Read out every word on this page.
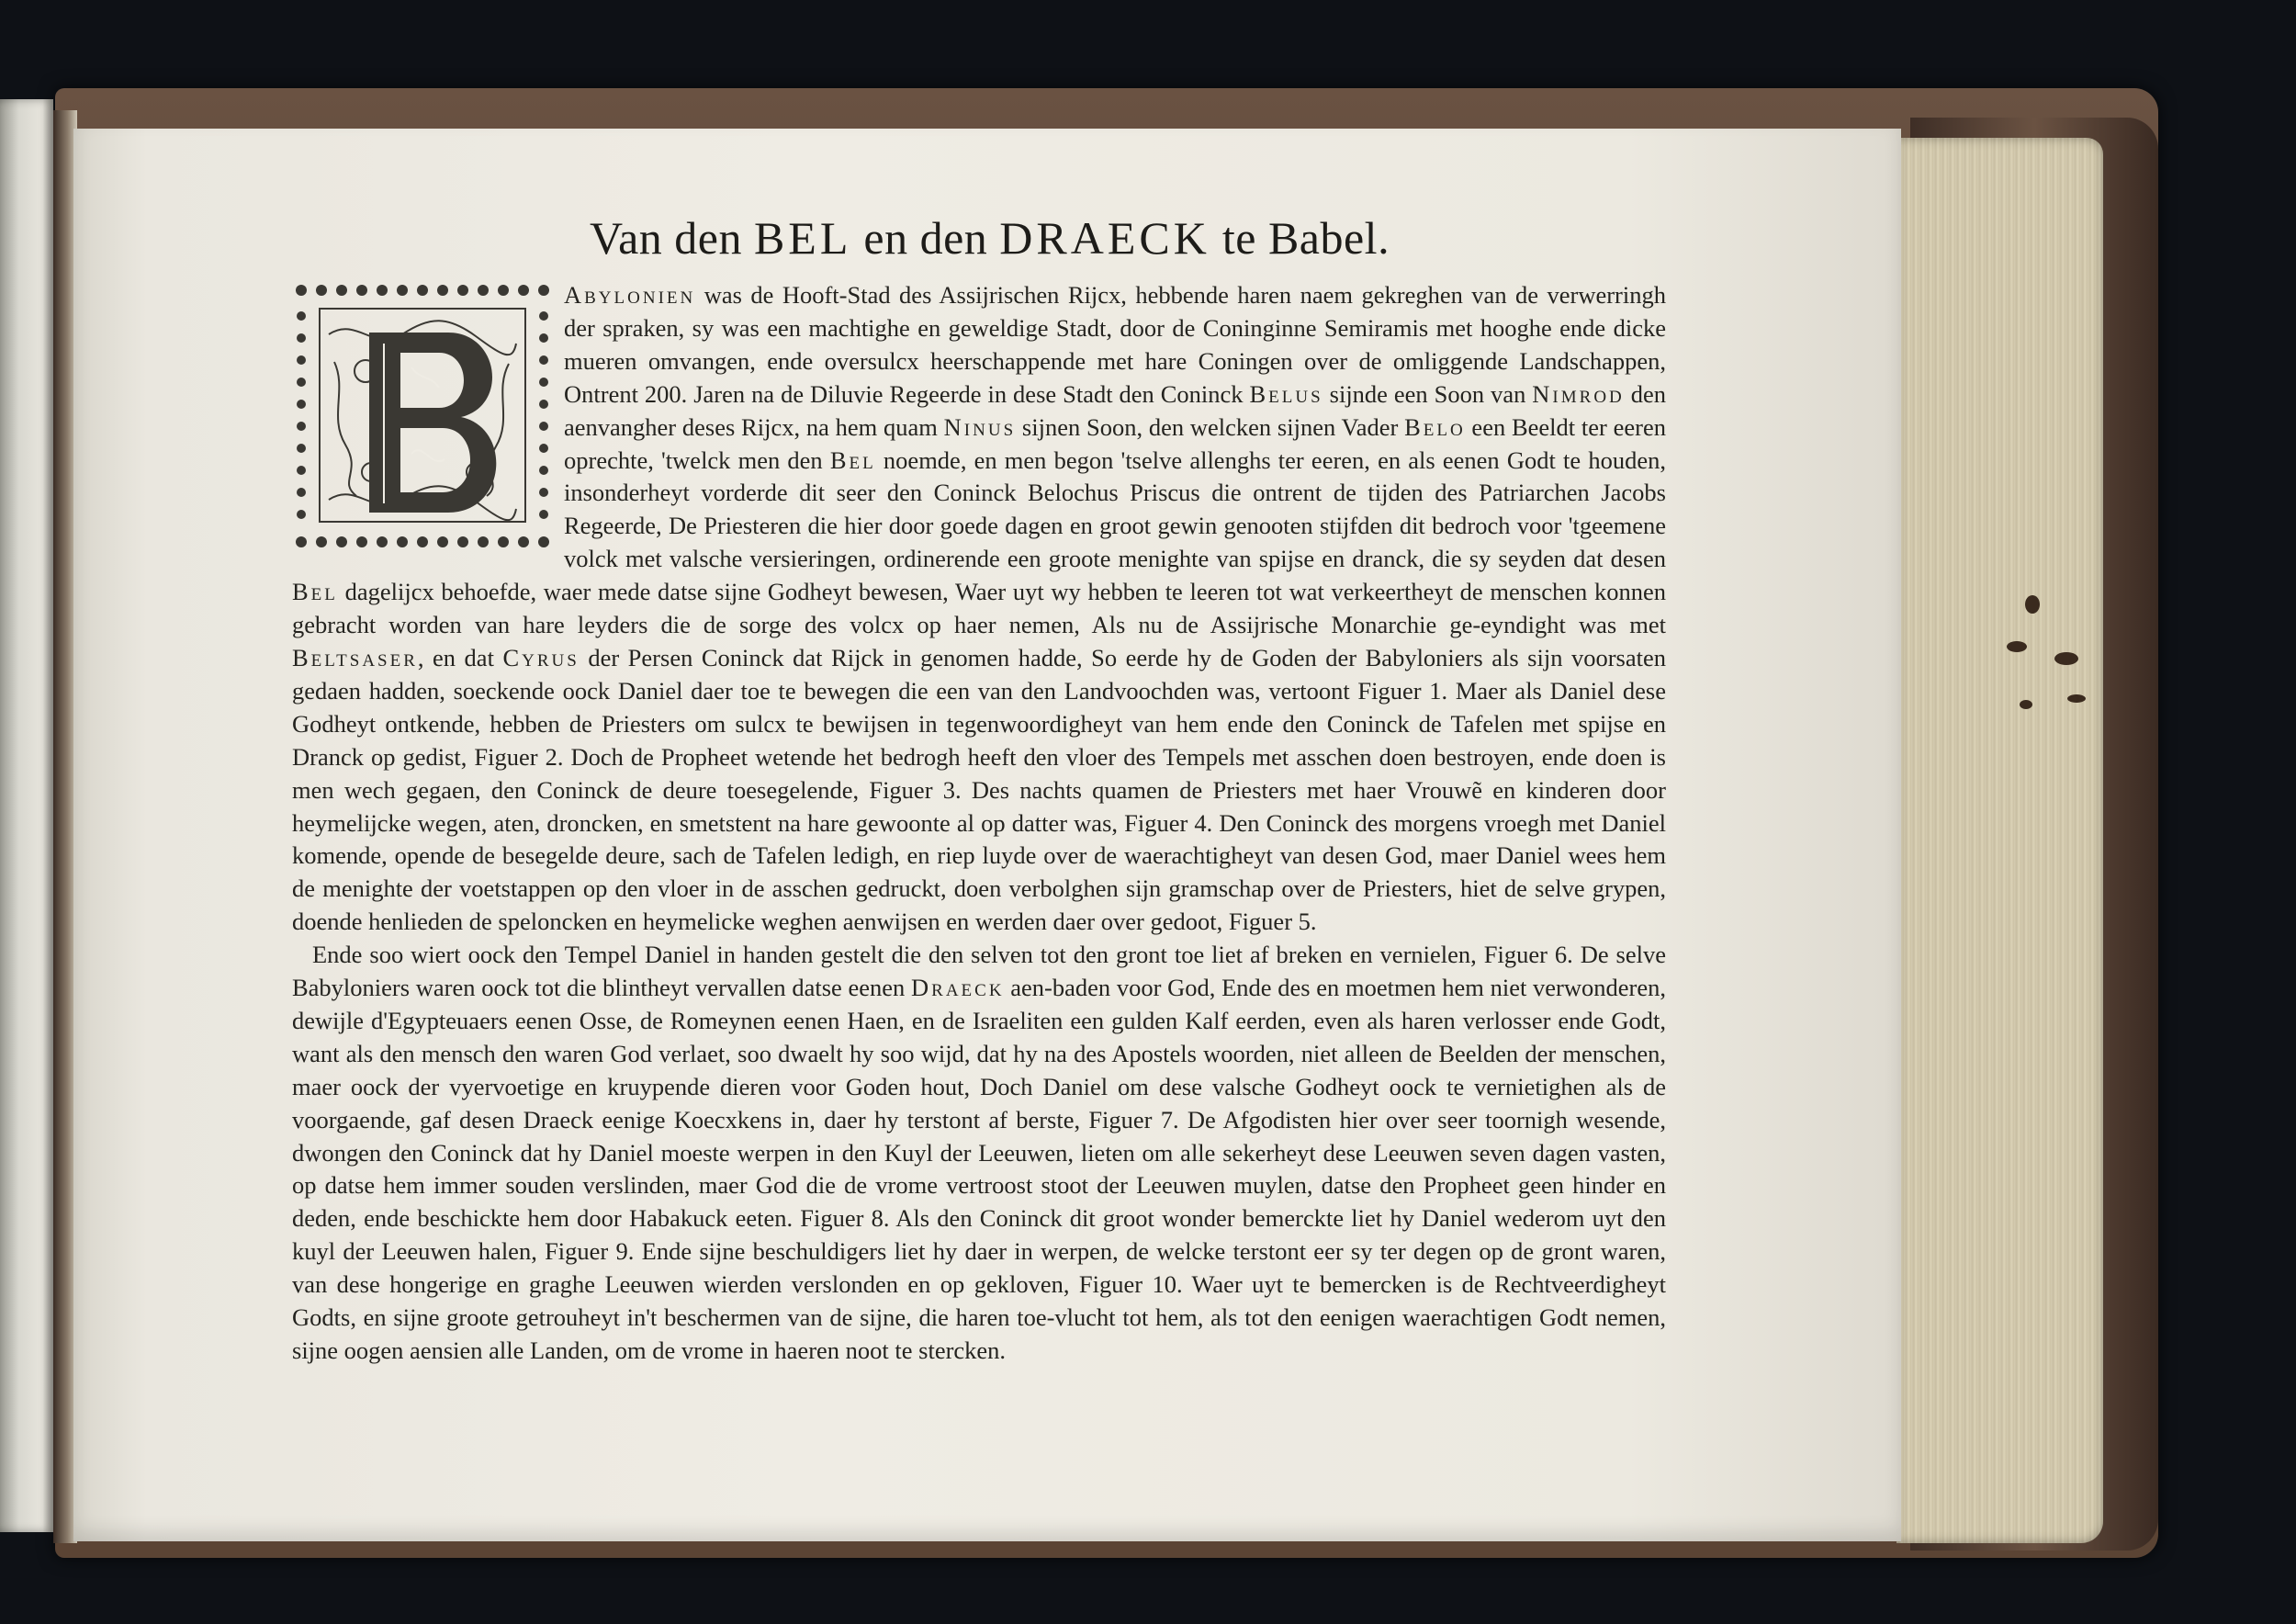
Van den BEL en den DRAECK te Babel.

Abylonien was de Hooft-Stad des Assijrischen Rijcx, hebbende haren naem gekreghen van de verwerringh der spraken, sy was een machtighe en geweldige Stadt, door de Coninginne Semiramis met hooghe ende dicke mueren omvangen, ende oversulcx heerschappende met hare Coningen over de omliggende Landschappen, Ontrent 200. Jaren na de Diluvie Regeerde in dese Stadt den Coninck Belus sijnde een Soon van Nimrod den aenvangher deses Rijcx, na hem quam Ninus sijnen Soon, den welcken sijnen Vader Belo een Beeldt ter eeren oprechte, 'twelck men den Bel noemde, en men begon 'tselve allenghs ter eeren, en als eenen Godt te houden, insonderheyt vorderde dit seer den Coninck Belochus Priscus die ontrent de tijden des Patriarchen Jacobs Regeerde, De Priesteren die hier door goede dagen en groot gewin genooten stijfden dit bedroch voor 'tgeemene volck met valsche versieringen, ordinerende een groote menighte van spijse en dranck, die sy seyden dat desen Bel dagelijcx behoefde, waer mede datse sijne Godheyt bewesen, Waer uyt wy hebben te leeren tot wat verkeertheyt de menschen konnen gebracht worden van hare leyders die de sorge des volcx op haer nemen, Als nu de Assijrische Monarchie ge-eyndight was met Beltsaser, en dat Cyrus der Persen Coninck dat Rijck in genomen hadde, So eerde hy de Goden der Babyloniers als sijn voorsaten gedaen hadden, soeckende oock Daniel daer toe te bewegen die een van den Landvoochden was, vertoont Figuer 1. Maer als Daniel dese Godheyt ontkende, hebben de Priesters om sulcx te bewijsen in tegenwoordigheyt van hem ende den Coninck de Tafelen met spijse en Dranck op gedist, Figuer 2. Doch de Propheet wetende het bedrogh heeft den vloer des Tempels met asschen doen bestroyen, ende doen is men wech gegaen, den Coninck de deure toesegelende, Figuer 3. Des nachts quamen de Priesters met haer Vrouwẽ en kinderen door heymelijcke wegen, aten, droncken, en smetstent na hare gewoonte al op datter was, Figuer 4. Den Coninck des morgens vroegh met Daniel komende, opende de besegelde deure, sach de Tafelen ledigh, en riep luyde over de waerachtigheyt van desen God, maer Daniel wees hem de menighte der voetstappen op den vloer in de asschen gedruckt, doen verbolghen sijn gramschap over de Priesters, hiet de selve grypen, doende henlieden de speloncken en heymelicke weghen aenwijsen en werden daer over gedoot, Figuer 5.

Ende soo wiert oock den Tempel Daniel in handen gestelt die den selven tot den gront toe liet af breken en vernielen, Figuer 6. De selve Babyloniers waren oock tot die blintheyt vervallen datse eenen Draeck aen-baden voor God, Ende des en moetmen hem niet verwonderen, dewijle d'Egypteuaers eenen Osse, de Romeynen eenen Haen, en de Israeliten een gulden Kalf eerden, even als haren verlosser ende Godt, want als den mensch den waren God verlaet, soo dwaelt hy soo wijd, dat hy na des Apostels woorden, niet alleen de Beelden der menschen, maer oock der vyervoetige en kruypende dieren voor Goden hout, Doch Daniel om dese valsche Godheyt oock te vernietighen als de voorgaende, gaf desen Draeck eenige Koecxkens in, daer hy terstont af berste, Figuer 7. De Afgodisten hier over seer toornigh wesende, dwongen den Coninck dat hy Daniel moeste werpen in den Kuyl der Leeuwen, lieten om alle sekerheyt dese Leeuwen seven dagen vasten, op datse hem immer souden verslinden, maer God die de vrome vertroost stoot der Leeuwen muylen, datse den Propheet geen hinder en deden, ende beschickte hem door Habakuck eeten. Figuer 8. Als den Coninck dit groot wonder bemerckte liet hy Daniel wederom uyt den kuyl der Leeuwen halen, Figuer 9. Ende sijne beschuldigers liet hy daer in werpen, de welcke terstont eer sy ter degen op de gront waren, van dese hongerige en graghe Leeuwen wierden verslonden en op gekloven, Figuer 10. Waer uyt te bemercken is de Rechtveerdigheyt Godts, en sijne groote getrouheyt in't beschermen van de sijne, die haren toe-vlucht tot hem, als tot den eenigen waerachtigen Godt nemen, sijne oogen aensien alle Landen, om de vrome in haeren noot te stercken.
